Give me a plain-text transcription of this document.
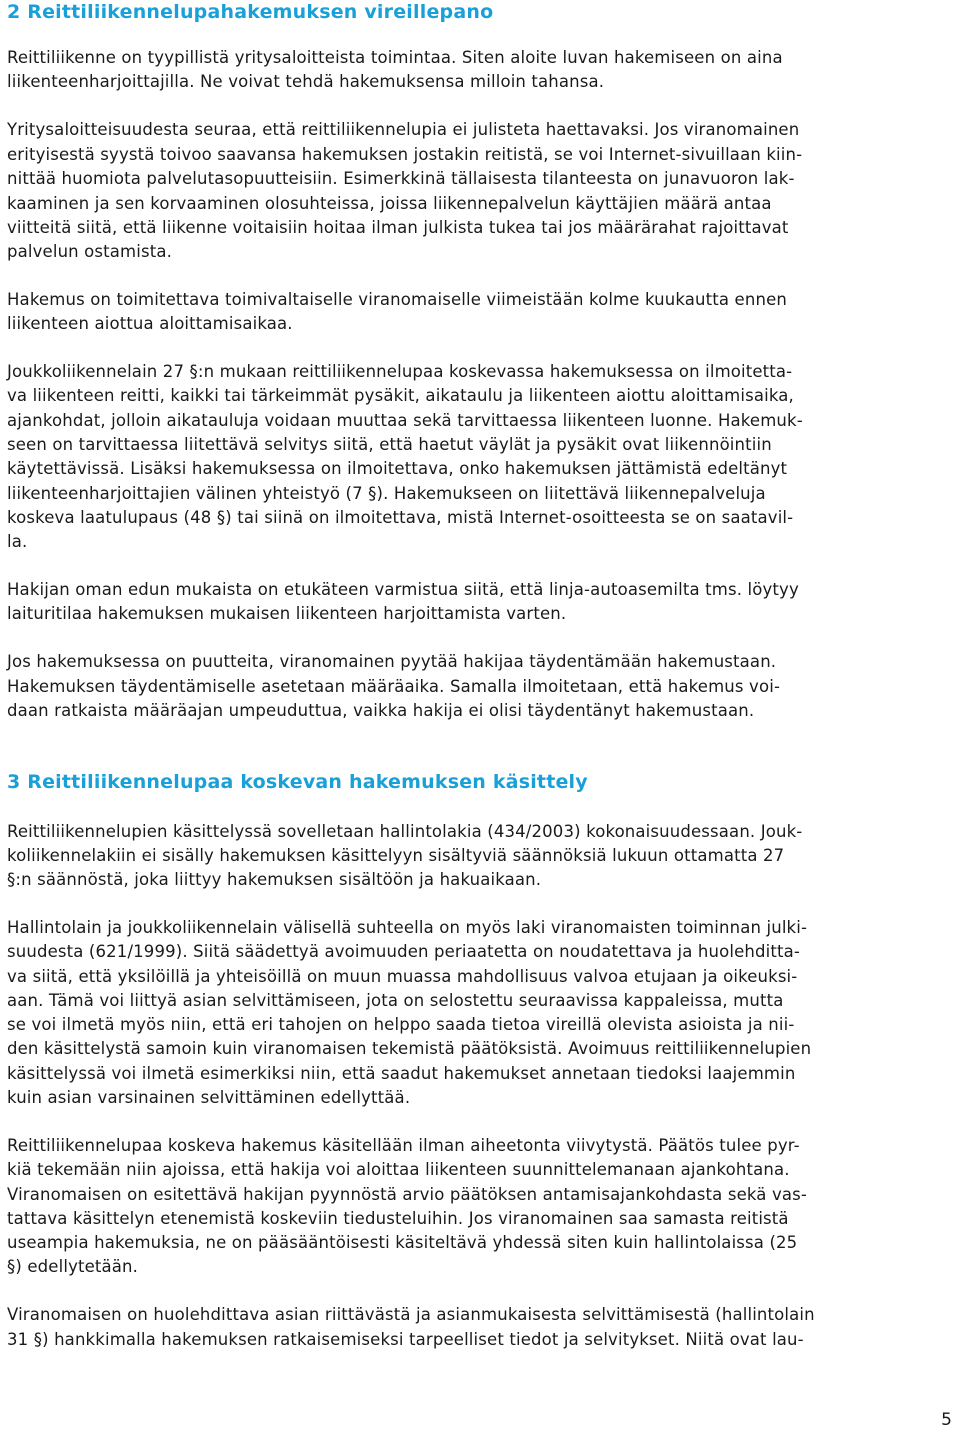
2 Reittiliikennelupahakemuksen vireillepano
3 Reittiliikennelupaa koskevan hakemuksen käsittely
Reittiliikenne on tyypillistä yritysaloitteista toimintaa. Siten aloite luvan hakemiseen on aina
liikenteenharjoittajilla. Ne voivat tehdä hakemuksensa milloin tahansa.
Yritysaloitteisuudesta seuraa, että reittiliikennelupia ei julisteta haettavaksi. Jos viranomainen
erityisestä syystä toivoo saavansa hakemuksen jostakin reitistä, se voi Internet-sivuillaan kiin-
nittää huomiota palvelutasopuutteisiin. Esimerkkinä tällaisesta tilanteesta on junavuoron lak-
kaaminen ja sen korvaaminen olosuhteissa, joissa liikennepalvelun käyttäjien määrä antaa
viitteitä siitä, että liikenne voitaisiin hoitaa ilman julkista tukea tai jos määrärahat rajoittavat
palvelun ostamista.
Hakemus on toimitettava toimivaltaiselle viranomaiselle viimeistään kolme kuukautta ennen
liikenteen aiottua aloittamisaikaa.
Joukkoliikennelain 27 §:n mukaan reittiliikennelupaa koskevassa hakemuksessa on ilmoitetta-
va liikenteen reitti, kaikki tai tärkeimmät pysäkit, aikataulu ja liikenteen aiottu aloittamisaika,
ajankohdat, jolloin aikatauluja voidaan muuttaa sekä tarvittaessa liikenteen luonne. Hakemuk-
seen on tarvittaessa liitettävä selvitys siitä, että haetut väylät ja pysäkit ovat liikennöintiin
käytettävissä. Lisäksi hakemuksessa on ilmoitettava, onko hakemuksen jättämistä edeltänyt
liikenteenharjoittajien välinen yhteistyö (7 §). Hakemukseen on liitettävä liikennepalveluja
koskeva laatulupaus (48 §) tai siinä on ilmoitettava, mistä Internet-osoitteesta se on saatavil-
la.
Hakijan oman edun mukaista on etukäteen varmistua siitä, että linja-autoasemilta tms. löytyy
laituritilaa hakemuksen mukaisen liikenteen harjoittamista varten.
Jos hakemuksessa on puutteita, viranomainen pyytää hakijaa täydentämään hakemustaan.
Hakemuksen täydentämiselle asetetaan määräaika. Samalla ilmoitetaan, että hakemus voi-
daan ratkaista määräajan umpeuduttua, vaikka hakija ei olisi täydentänyt hakemustaan.
Reittiliikennelupien käsittelyssä sovelletaan hallintolakia (434/2003) kokonaisuudessaan. Jouk-
koliikennelakiin ei sisälly hakemuksen käsittelyyn sisältyviä säännöksiä lukuun ottamatta 27
§:n säännöstä, joka liittyy hakemuksen sisältöön ja hakuaikaan.
Hallintolain ja joukkoliikennelain välisellä suhteella on myös laki viranomaisten toiminnan julki-
suudesta (621/1999). Siitä säädettyä avoimuuden periaatetta on noudatettava ja huolehditta-
va siitä, että yksilöillä ja yhteisöillä on muun muassa mahdollisuus valvoa etujaan ja oikeuksi-
aan. Tämä voi liittyä asian selvittämiseen, jota on selostettu seuraavissa kappaleissa, mutta
se voi ilmetä myös niin, että eri tahojen on helppo saada tietoa vireillä olevista asioista ja nii-
den käsittelystä samoin kuin viranomaisen tekemistä päätöksistä. Avoimuus reittiliikennelupien
käsittelyssä voi ilmetä esimerkiksi niin, että saadut hakemukset annetaan tiedoksi laajemmin
kuin asian varsinainen selvittäminen edellyttää.
Reittiliikennelupaa koskeva hakemus käsitellään ilman aiheetonta viivytystä. Päätös tulee pyr-
kiä tekemään niin ajoissa, että hakija voi aloittaa liikenteen suunnittelemanaan ajankohtana.
Viranomaisen on esitettävä hakijan pyynnöstä arvio päätöksen antamisajankohdasta sekä vas-
tattava käsittelyn etenemistä koskeviin tiedusteluihin. Jos viranomainen saa samasta reitistä
useampia hakemuksia, ne on pääsääntöisesti käsiteltävä yhdessä siten kuin hallintolaissa (25
§) edellytetään.
Viranomaisen on huolehdittava asian riittävästä ja asianmukaisesta selvittämisestä (hallintolain
31 §) hankkimalla hakemuksen ratkaisemiseksi tarpeelliset tiedot ja selvitykset. Niitä ovat lau-
5
